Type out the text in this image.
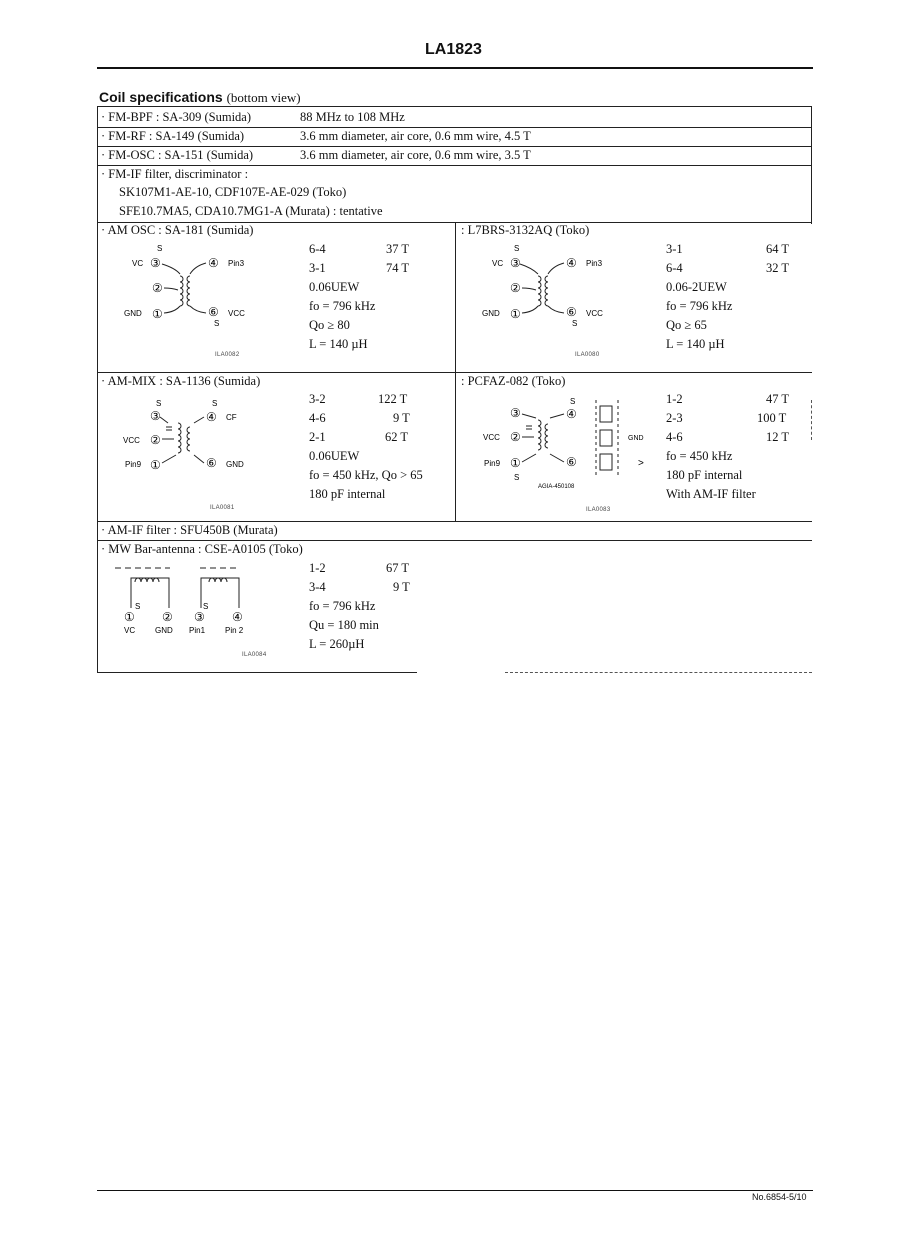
LA1823
Coil specifications (bottom view)
· FM-BPF : SA-309 (Sumida)	88 MHz to 108 MHz
· FM-RF : SA-149 (Sumida)	3.6 mm diameter, air core, 0.6 mm wire, 4.5 T
· FM-OSC : SA-151 (Sumida)	3.6 mm diameter, air core, 0.6 mm wire, 3.5 T
· FM-IF filter, discriminator :
SK107M1-AE-10, CDF107E-AE-029 (Toko)
SFE10.7MA5, CDA10.7MG1-A (Murata) : tentative
· AM OSC : SA-181 (Sumida)
S
VC ③	④ Pin3
②
GND ①	⑥ VCC
S
6-4	37 T
3-1	74 T
0.06UEW
fo = 796 kHz
Qo ≥ 80
L = 140 µH
ILA0082
: L7BRS-3132AQ (Toko)
S
VC ③	④ Pin3
②
GND ①	⑥ VCC
S
3-1	64 T
6-4	32 T
0.06-2UEW
fo = 796 kHz
Qo ≥ 65
L = 140 µH
ILA0080
· AM-MIX : SA-1136 (Sumida)
S	S
③	④ CF
VCC ②
Pin9 ①	⑥ GND
3-2	122 T
4-6	9 T
2-1	62 T
0.06UEW
fo = 450 kHz, Qo > 65
180 pF internal
ILA0081
: PCFAZ-082 (Toko)
S
③	④
VCC ②	GND
Pin9 ①	⑥
S
>
AGIA-450108
1-2	47 T
2-3	100 T
4-6	12 T
fo = 450 kHz
180 pF internal
With AM-IF filter
ILA0083
· AM-IF filter : SFU450B (Murata)
· MW Bar-antenna : CSE-A0105 (Toko)
S	S
① ② ③ ④
VC GND Pin1 Pin 2
1-2	67 T
3-4	9 T
fo = 796 kHz
Qu = 180 min
L = 260µH
ILA0084
No.6854-5/10
